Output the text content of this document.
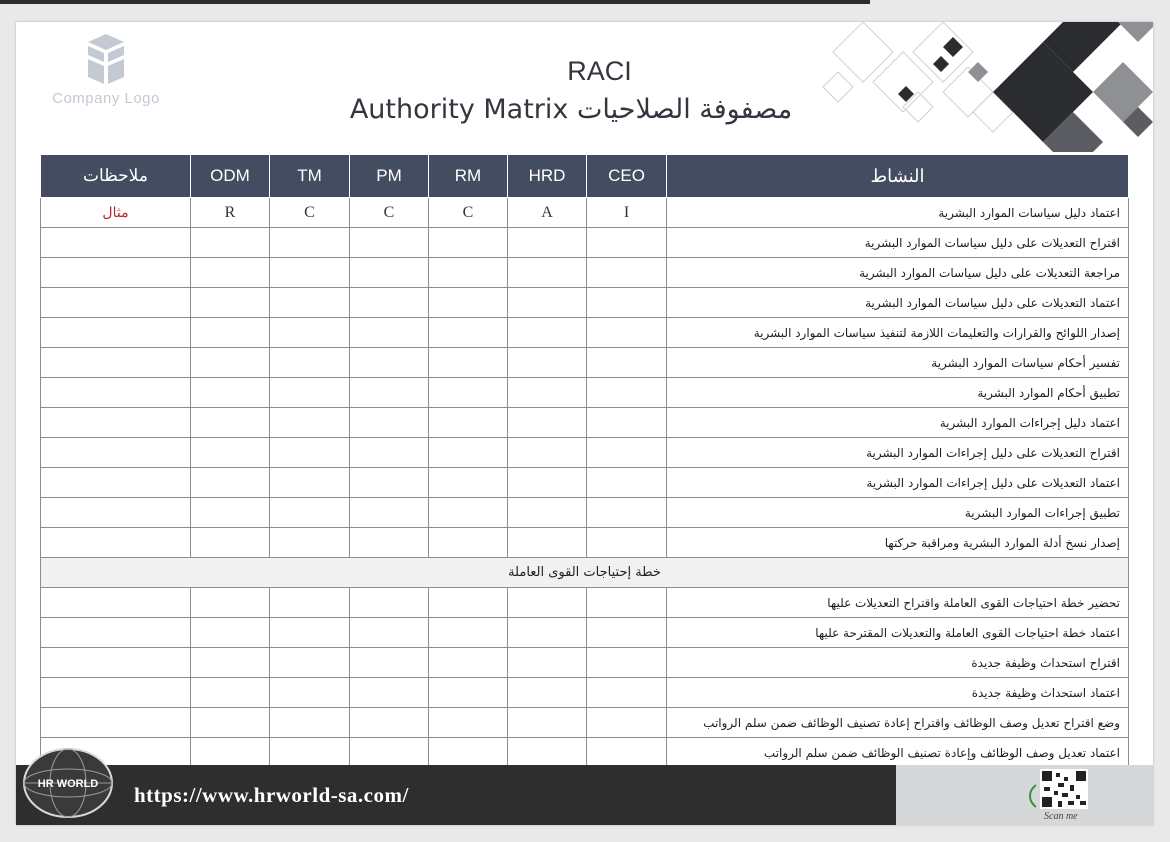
Company Logo
RACI
مصفوفة الصلاحيات Authority Matrix
ملاحظات	ODM	TM	PM	RM	HRD	CEO	النشاط
مثال	R	C	C	C	A	I	اعتماد دليل سياسات الموارد البشرية
							اقتراح التعديلات على دليل سياسات الموارد البشرية
							مراجعة التعديلات على دليل سياسات الموارد البشرية
							اعتماد التعديلات على دليل سياسات الموارد البشرية
							إصدار اللوائح والقرارات والتعليمات اللازمة لتنفيذ سياسات الموارد البشرية
							تفسير أحكام سياسات الموارد البشرية
							تطبيق أحكام الموارد البشرية
							اعتماد دليل إجراءات الموارد البشرية
							اقتراح التعديلات على دليل إجراءات الموارد البشرية
							اعتماد التعديلات على دليل إجراءات الموارد البشرية
							تطبيق إجراءات الموارد البشرية
							إصدار نسخ أدلة الموارد البشرية ومراقبة حركتها
خطة إحتياجات القوى العاملة							
							تحضير خطة احتياجات القوى العاملة واقتراح التعديلات عليها
							اعتماد خطة احتياجات القوى العاملة والتعديلات المقترحة عليها
							اقتراح استحداث وظيفة جديدة
							اعتماد استحداث وظيفة جديدة
							وضع اقتراح تعديل وصف الوظائف واقتراح إعادة تصنيف الوظائف ضمن سلم الرواتب
							اعتماد تعديل وصف الوظائف وإعادة تصنيف الوظائف ضمن سلم الرواتب
HR WORLD https://www.hrworld-sa.com/
Scan me
